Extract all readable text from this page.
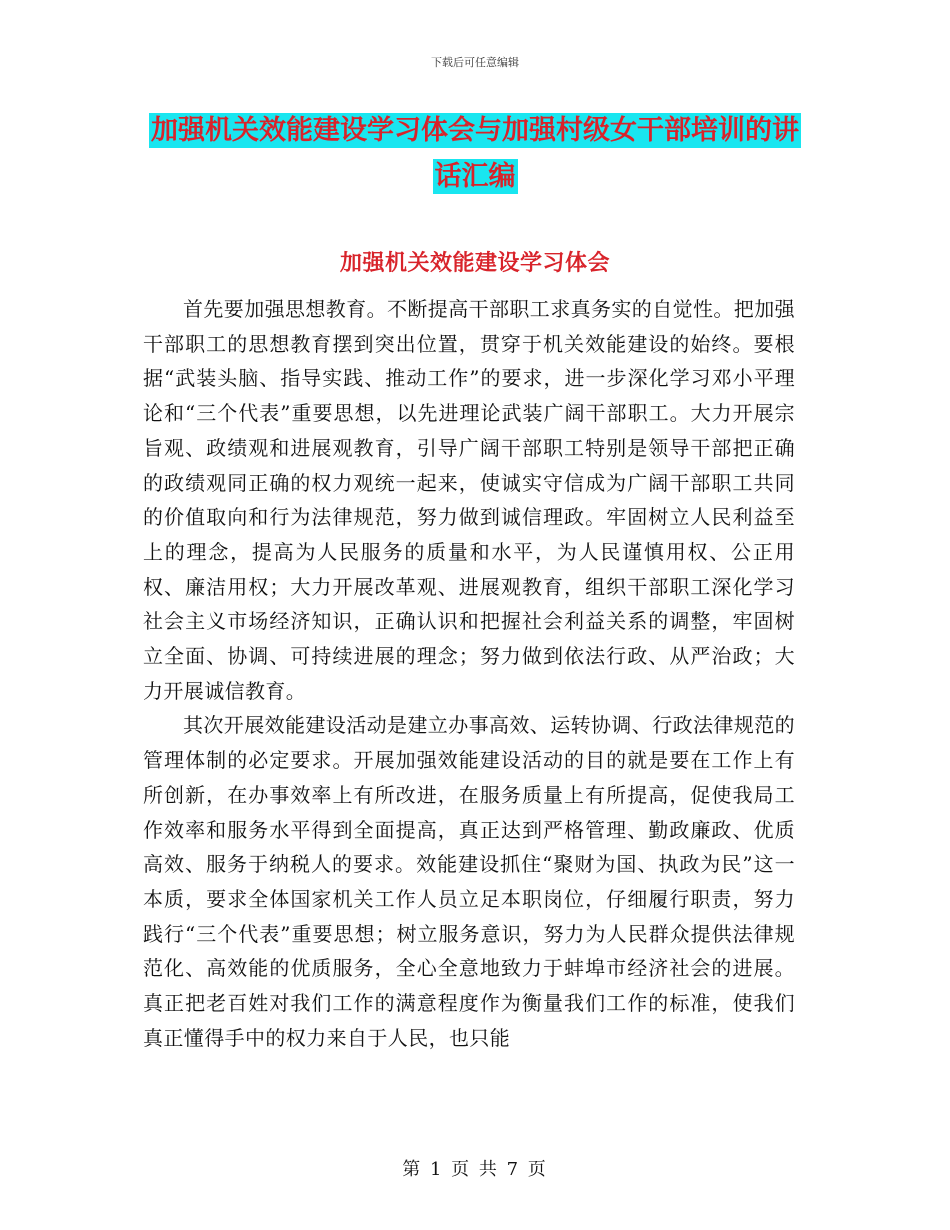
下载后可任意编辑
加强机关效能建设学习体会与加强村级女干部培训的讲话汇编
加强机关效能建设学习体会

首先要加强思想教育。不断提高干部职工求真务实的自觉性。把加强干部职工的思想教育摆到突出位置，贯穿于机关效能建设的始终。要根据“武装头脑、指导实践、推动工作”的要求，进一步深化学习邓小平理论和“三个代表”重要思想，以先进理论武装广阔干部职工。大力开展宗旨观、政绩观和进展观教育，引导广阔干部职工特别是领导干部把正确的政绩观同正确的权力观统一起来，使诚实守信成为广阔干部职工共同的价值取向和行为法律规范，努力做到诚信理政。牢固树立人民利益至上的理念，提高为人民服务的质量和水平，为人民谨慎用权、公正用权、廉洁用权；大力开展改革观、进展观教育，组织干部职工深化学习社会主义市场经济知识，正确认识和把握社会利益关系的调整，牢固树立全面、协调、可持续进展的理念；努力做到依法行政、从严治政；大力开展诚信教育。

其次开展效能建设活动是建立办事高效、运转协调、行政法律规范的管理体制的必定要求。开展加强效能建设活动的目的就是要在工作上有所创新，在办事效率上有所改进，在服务质量上有所提高，促使我局工作效率和服务水平得到全面提高，真正达到严格管理、勤政廉政、优质高效、服务于纳税人的要求。效能建设抓住“聚财为国、执政为民”这一本质，要求全体国家机关工作人员立足本职岗位，仔细履行职责，努力践行“三个代表”重要思想；树立服务意识，努力为人民群众提供法律规范化、高效能的优质服务，全心全意地致力于蚌埠市经济社会的进展。真正把老百姓对我们工作的满意程度作为衡量我们工作的标准，使我们真正懂得手中的权力来自于人民，也只能

第 1 页 共 7 页
